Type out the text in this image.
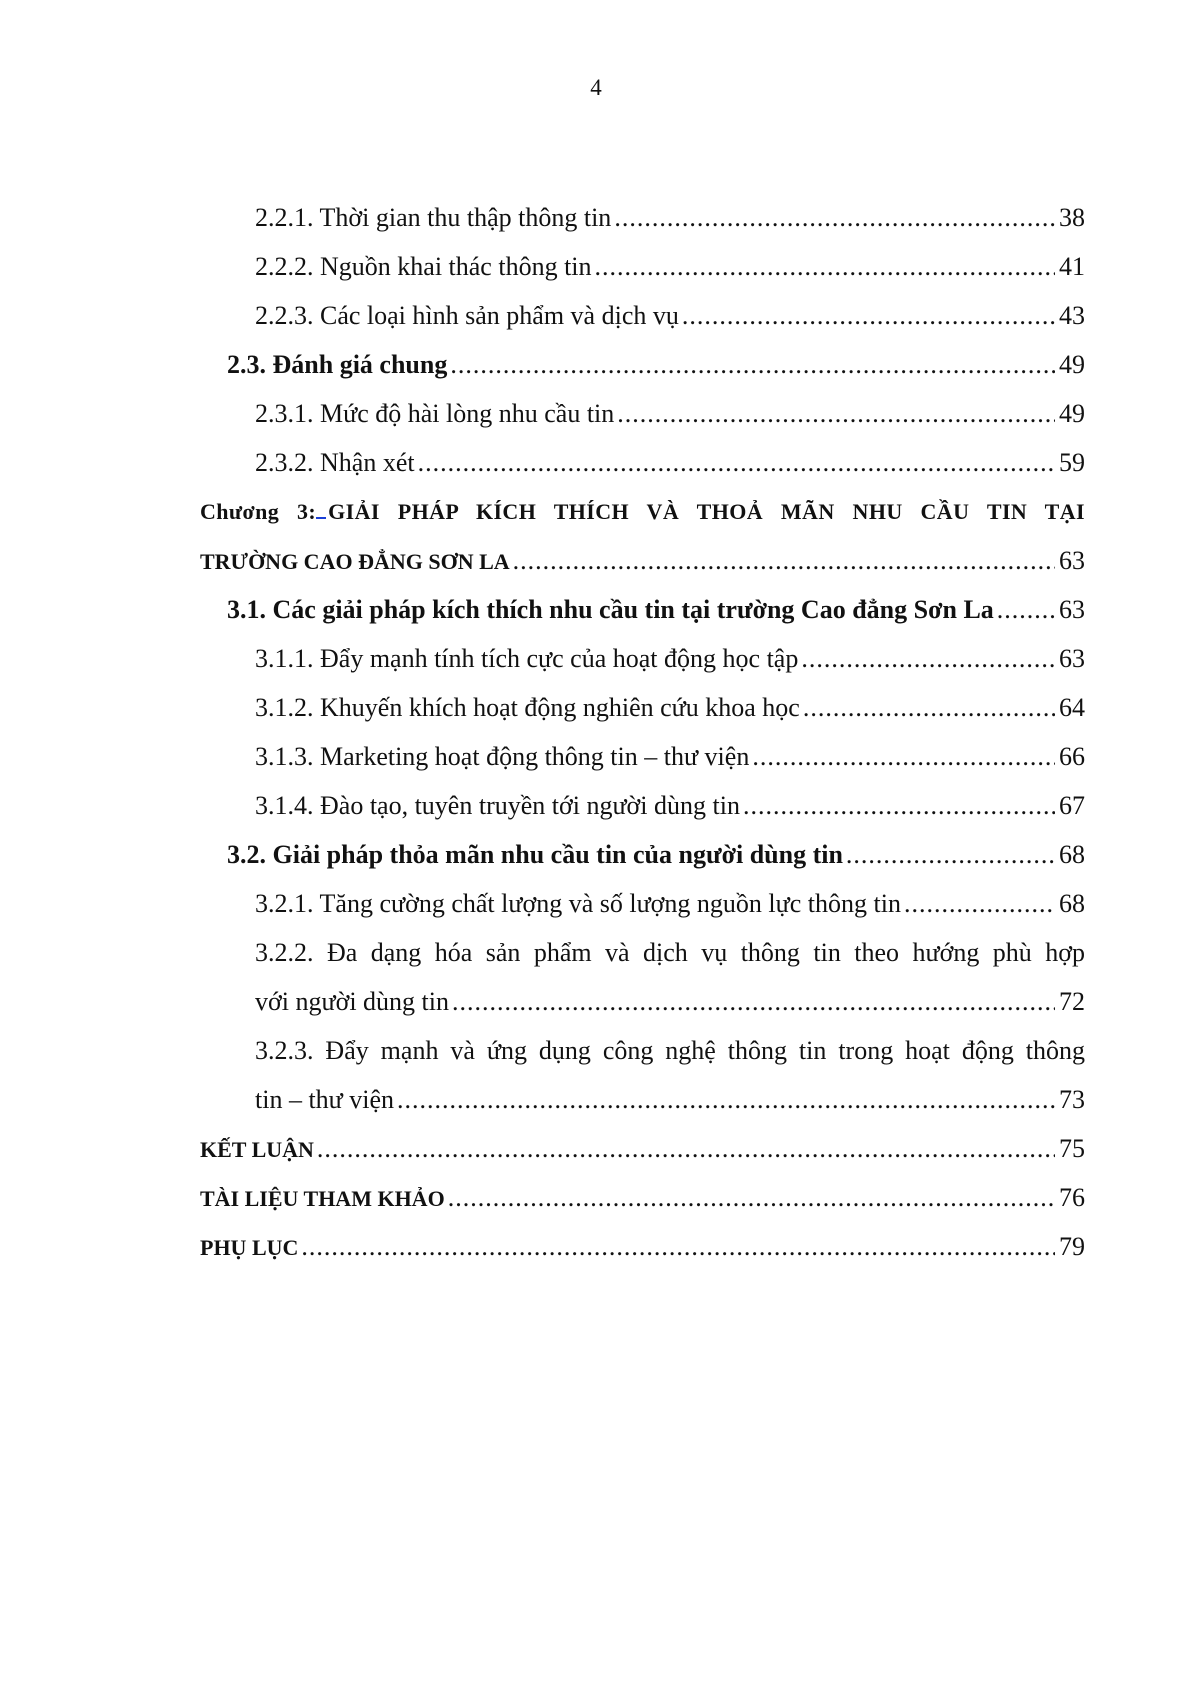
4
2.2.1. Thời gian thu thập thông tin .....	38
2.2.2. Nguồn khai thác thông tin .....	41
2.2.3. Các loại hình sản phẩm và dịch vụ .....	43
2.3. Đánh giá chung .....	49
2.3.1. Mức độ hài lòng nhu cầu tin .....	49
2.3.2. Nhận xét .....	59
Chương 3: GIẢI PHÁP KÍCH THÍCH VÀ THOẢ MÃN NHU CẦU TIN TẠI
TRƯỜNG CAO ĐẲNG SƠN LA .....	63
3.1. Các giải pháp kích thích nhu cầu tin tại trường Cao đẳng Sơn La .....	63
3.1.1. Đẩy mạnh tính tích cực của hoạt động học tập .....	63
3.1.2. Khuyến khích hoạt động nghiên cứu khoa học .....	64
3.1.3. Marketing hoạt động thông tin – thư viện .....	66
3.1.4. Đào tạo, tuyên truyền tới người dùng tin .....	67
3.2. Giải pháp thỏa mãn nhu cầu tin của người dùng tin .....	68
3.2.1. Tăng cường chất lượng và số lượng nguồn lực thông tin .....	68
3.2.2. Đa dạng hóa sản phẩm và dịch vụ thông tin theo hướng phù hợp
với người dùng tin .....	72
3.2.3. Đẩy mạnh và ứng dụng công nghệ thông tin trong hoạt động thông
tin – thư viện .....	73
KẾT LUẬN .....	75
TÀI LIỆU THAM KHẢO .....	76
PHỤ LỤC .....	79
